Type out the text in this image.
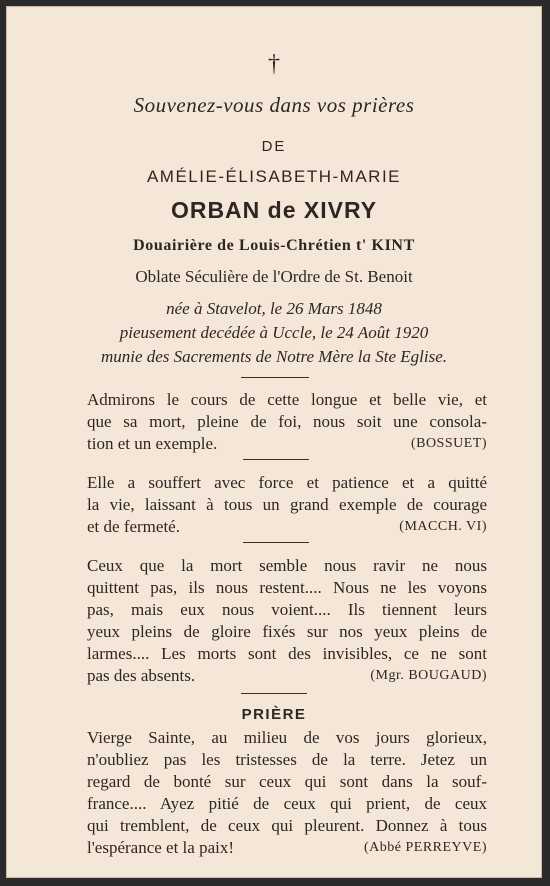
†
Souvenez-vous dans vos prières
DE
AMÉLIE-ÉLISABETH-MARIE
ORBAN de XIVRY
Douairière de Louis-Chrétien t' KINT
Oblate Séculière de l'Ordre de St. Benoit
née à Stavelot, le 26 Mars 1848
pieusement decédée à Uccle, le 24 Août 1920
munie des Sacrements de Notre Mère la Ste Eglise.
Admirons le cours de cette longue et belle vie, et
que sa mort, pleine de foi, nous soit une consola-
tion et un exemple.	(BOSSUET)
Elle a souffert avec force et patience et a quitté
la vie, laissant à tous un grand exemple de courage
et de fermeté.	(MACCH. VI)
Ceux que la mort semble nous ravir ne nous
quittent pas, ils nous restent.... Nous ne les voyons
pas, mais eux nous voient.... Ils tiennent leurs
yeux pleins de gloire fixés sur nos yeux pleins de
larmes.... Les morts sont des invisibles, ce ne sont
pas des absents.	(Mgr. BOUGAUD)
PRIÈRE
Vierge Sainte, au milieu de vos jours glorieux,
n'oubliez pas les tristesses de la terre. Jetez un
regard de bonté sur ceux qui sont dans la souf-
france.... Ayez pitié de ceux qui prient, de ceux
qui tremblent, de ceux qui pleurent. Donnez à tous
l'espérance et la paix!	(Abbé PERREYVE)
